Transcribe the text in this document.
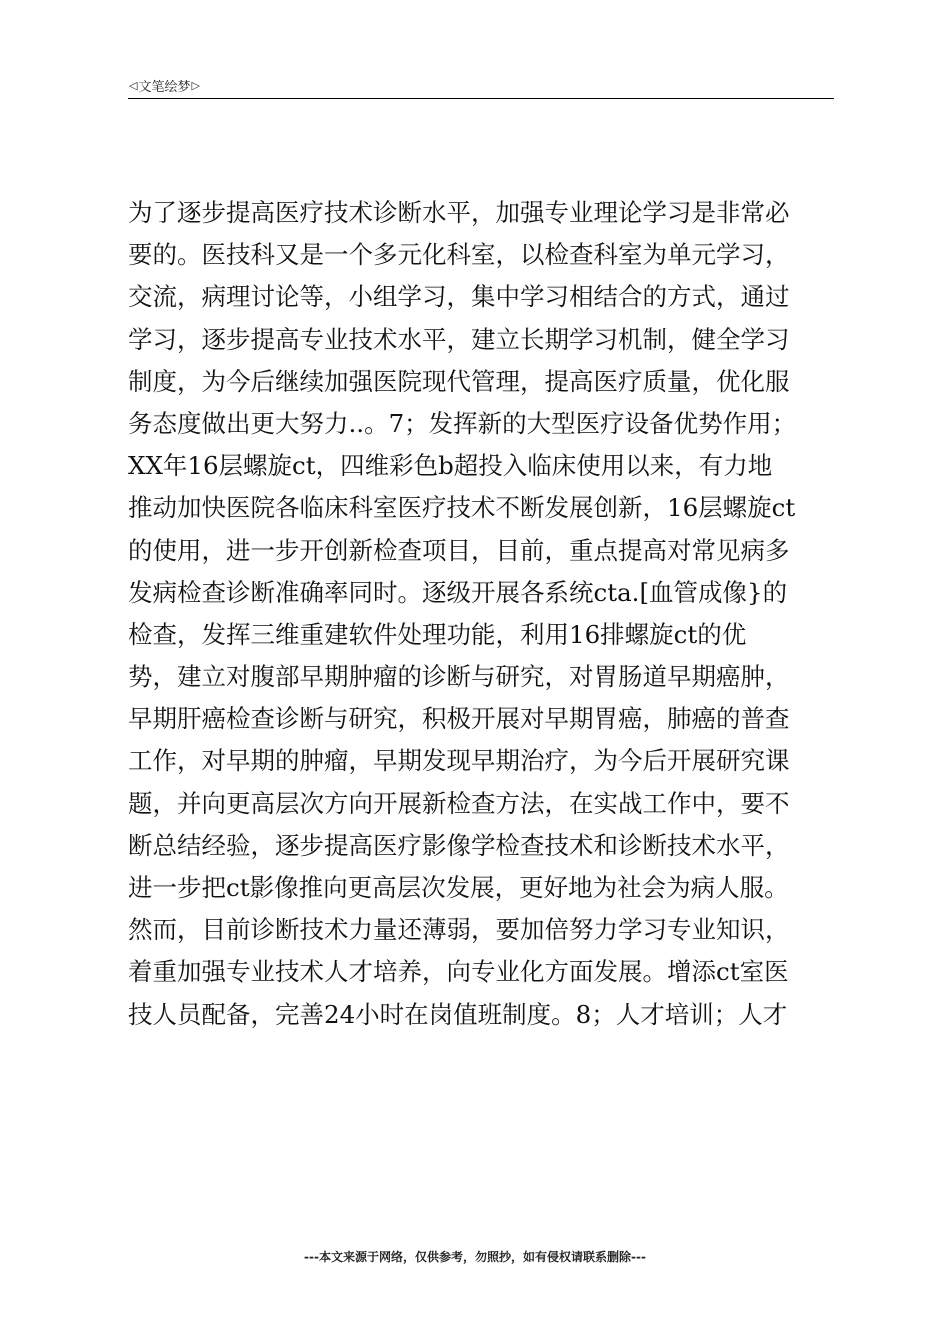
◁ 文笔绘梦 ▷
为了逐步提高医疗技术诊断水平，加强专业理论学习是非常必
要的。医技科又是一个多元化科室，以检查科室为单元学习，
交流，病理讨论等，小组学习，集中学习相结合的方式，通过
学习，逐步提高专业技术水平，建立长期学习机制，健全学习
制度，为今后继续加强医院现代管理，提高医疗质量，优化服
务态度做出更大努力..。7；发挥新的大型医疗设备优势作用；
XX年16层螺旋ct，四维彩色b超投入临床使用以来，有力地
推动加快医院各临床科室医疗技术不断发展创新，16层螺旋ct
的使用，进一步开创新检查项目，目前，重点提高对常见病多
发病检查诊断准确率同时。逐级开展各系统cta.[血管成像}的
检查，发挥三维重建软件处理功能，利用16排螺旋ct的优
势，建立对腹部早期肿瘤的诊断与研究，对胃肠道早期癌肿，
早期肝癌检查诊断与研究，积极开展对早期胃癌，肺癌的普查
工作，对早期的肿瘤，早期发现早期治疗，为今后开展研究课
题，并向更高层次方向开展新检查方法，在实战工作中，要不
断总结经验，逐步提高医疗影像学检查技术和诊断技术水平，
进一步把ct影像推向更高层次发展，更好地为社会为病人服。
然而，目前诊断技术力量还薄弱，要加倍努力学习专业知识，
着重加强专业技术人才培养，向专业化方面发展。增添ct室医
技人员配备，完善24小时在岗值班制度。8；人才培训；人才
---本文来源于网络，仅供参考，勿照抄，如有侵权请联系删除---
